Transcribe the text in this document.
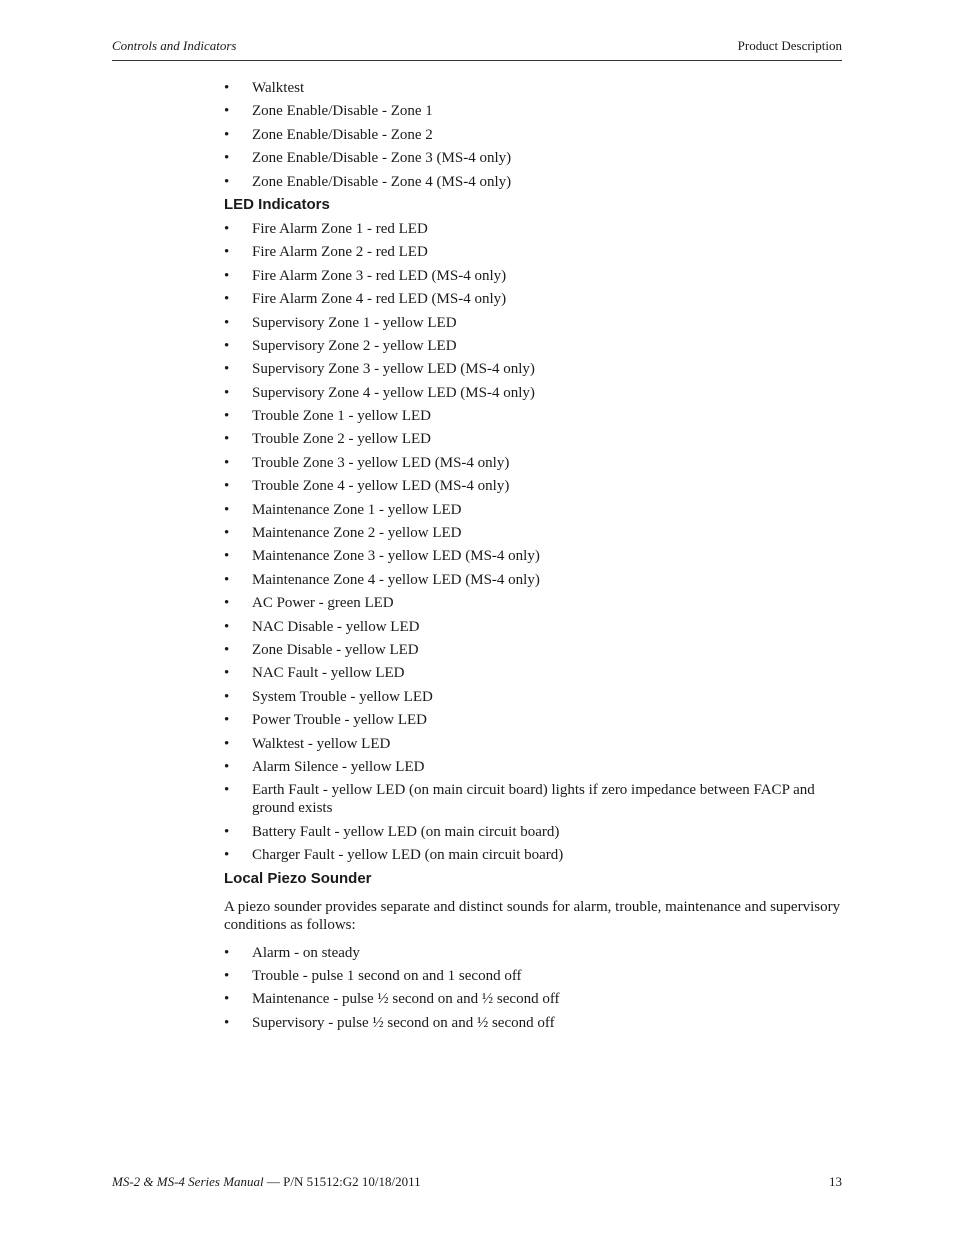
Controls and Indicators	Product Description
• Walktest
• Zone Enable/Disable - Zone 1
• Zone Enable/Disable - Zone 2
• Zone Enable/Disable - Zone 3 (MS-4 only)
• Zone Enable/Disable - Zone 4 (MS-4 only)
LED Indicators
• Fire Alarm Zone 1 - red LED
• Fire Alarm Zone 2 - red LED
• Fire Alarm Zone 3 - red LED (MS-4 only)
• Fire Alarm Zone 4 - red LED (MS-4 only)
• Supervisory Zone 1 - yellow LED
• Supervisory Zone 2 - yellow LED
• Supervisory Zone 3 - yellow LED (MS-4 only)
• Supervisory Zone 4 - yellow LED (MS-4 only)
• Trouble Zone 1 - yellow LED
• Trouble Zone 2 - yellow LED
• Trouble Zone 3 - yellow LED (MS-4 only)
• Trouble Zone 4 - yellow LED (MS-4 only)
• Maintenance Zone 1 - yellow LED
• Maintenance Zone 2 - yellow LED
• Maintenance Zone 3 - yellow LED (MS-4 only)
• Maintenance Zone 4 - yellow LED (MS-4 only)
• AC Power - green LED
• NAC Disable - yellow LED
• Zone Disable - yellow LED
• NAC Fault - yellow LED
• System Trouble - yellow LED
• Power Trouble - yellow LED
• Walktest - yellow LED
• Alarm Silence - yellow LED
• Earth Fault - yellow LED (on main circuit board) lights if zero impedance between FACP and ground exists
• Battery Fault - yellow LED (on main circuit board)
• Charger Fault - yellow LED (on main circuit board)
Local Piezo Sounder

A piezo sounder provides separate and distinct sounds for alarm, trouble, maintenance and supervisory conditions as follows:

• Alarm - on steady
• Trouble - pulse 1 second on and 1 second off
• Maintenance - pulse ½ second on and ½ second off
• Supervisory - pulse ½ second on and ½ second off
MS-2 & MS-4 Series Manual — P/N 51512:G2 10/18/2011	13
